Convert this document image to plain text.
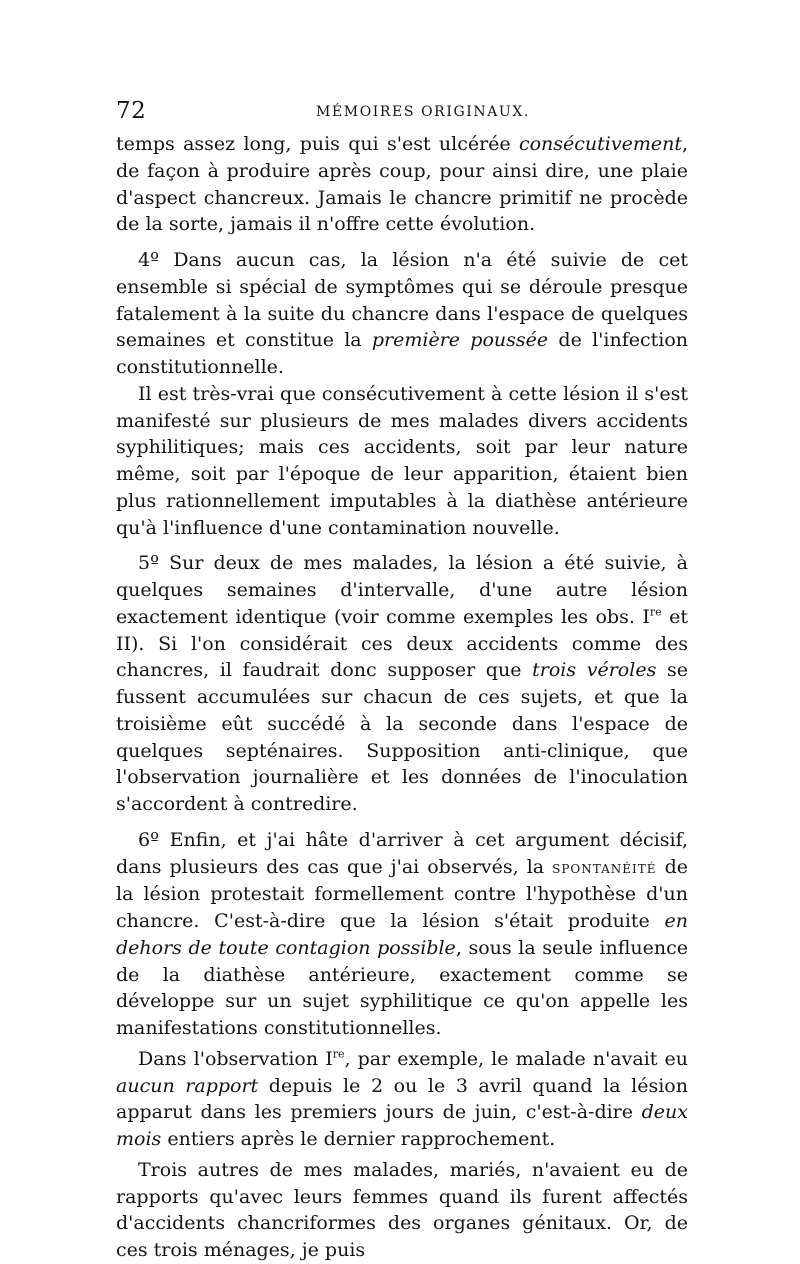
72	MÉMOIRES ORIGINAUX.

temps assez long, puis qui s'est ulcérée consécutivement, de façon à produire après coup, pour ainsi dire, une plaie d'aspect chancreux. Jamais le chancre primitif ne procède de la sorte, jamais il n'offre cette évolution.

4º Dans aucun cas, la lésion n'a été suivie de cet ensemble si spécial de symptômes qui se déroule presque fatalement à la suite du chancre dans l'espace de quelques semaines et constitue la première poussée de l'infection constitutionnelle.

Il est très-vrai que consécutivement à cette lésion il s'est manifesté sur plusieurs de mes malades divers accidents syphilitiques; mais ces accidents, soit par leur nature même, soit par l'époque de leur apparition, étaient bien plus rationnellement imputables à la diathèse antérieure qu'à l'influence d'une contamination nouvelle.

5º Sur deux de mes malades, la lésion a été suivie, à quelques semaines d'intervalle, d'une autre lésion exactement identique (voir comme exemples les obs. Ire et II). Si l'on considérait ces deux accidents comme des chancres, il faudrait donc supposer que trois véroles se fussent accumulées sur chacun de ces sujets, et que la troisième eût succédé à la seconde dans l'espace de quelques septénaires. Supposition anti-clinique, que l'observation journalière et les données de l'inoculation s'accordent à contredire.

6º Enfin, et j'ai hâte d'arriver à cet argument décisif, dans plusieurs des cas que j'ai observés, la spontanéité de la lésion protestait formellement contre l'hypothèse d'un chancre. C'est-à-dire que la lésion s'était produite en dehors de toute contagion possible, sous la seule influence de la diathèse antérieure, exactement comme se développe sur un sujet syphilitique ce qu'on appelle les manifestations constitutionnelles.

Dans l'observation Ire, par exemple, le malade n'avait eu aucun rapport depuis le 2 ou le 3 avril quand la lésion apparut dans les premiers jours de juin, c'est-à-dire deux mois entiers après le dernier rapprochement.

Trois autres de mes malades, mariés, n'avaient eu de rapports qu'avec leurs femmes quand ils furent affectés d'accidents chancriformes des organes génitaux. Or, de ces trois ménages, je puis
